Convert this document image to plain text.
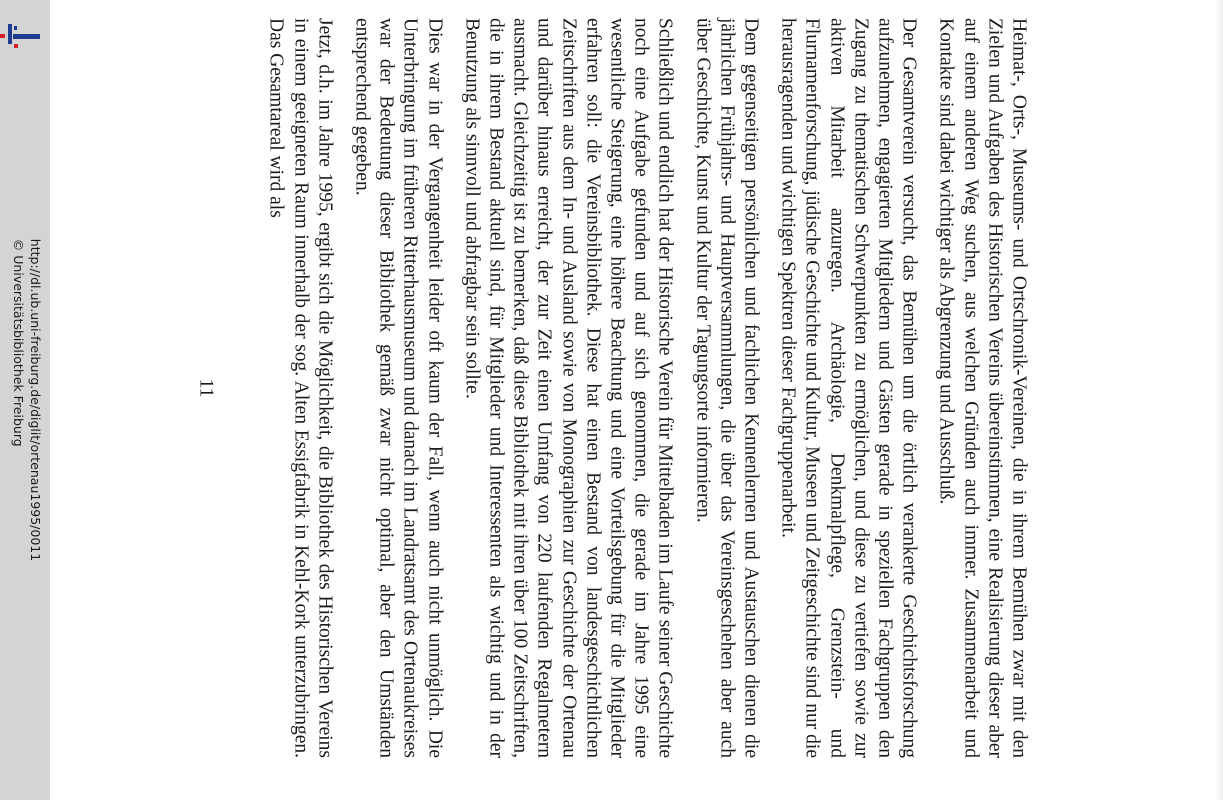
http://dl.ub.uni-freiburg.de/diglit/ortenau1995/0011
© Universitätsbibliothek Freiburg	Heimat-, Orts-, Museums- und Ortschronik-Vereinen, die in ihrem Bemühen zwar mit den Zielen und Aufgaben des Historischen Vereins übereinstimmen, eine Realisierung dieser aber auf einem anderen Weg suchen, aus welchen Gründen auch immer. Zusammenarbeit und Kontakte sind dabei wichtiger als Abgrenzung und Ausschluß.

Der Gesamtverein versucht, das Bemühen um die örtlich verankerte Geschichtsforschung aufzunehmen, engagierten Mitgliedern und Gästen gerade in speziellen Fachgruppen den Zugang zu thematischen Schwerpunkten zu ermöglichen, und diese zu vertiefen sowie zur aktiven Mitarbeit anzuregen. Archäologie, Denkmalpflege, Grenzstein- und Flurnamenforschung, jüdische Geschichte und Kultur, Museen und Zeitgeschichte sind nur die herausragenden und wichtigen Spektren dieser Fachgruppenarbeit.

Dem gegenseitigen persönlichen und fachlichen Kennenlernen und Austauschen dienen die jährlichen Frühjahrs- und Hauptversammlungen, die über das Vereinsgeschehen aber auch über Geschichte, Kunst und Kultur der Tagungsorte informieren.

Schließlich und endlich hat der Historische Verein für Mittelbaden im Laufe seiner Geschichte noch eine Aufgabe gefunden und auf sich genommen, die gerade im Jahre 1995 eine wesentliche Steigerung, eine höhere Beachtung und eine Vorteilsgebung für die Mitglieder erfahren soll: die Vereinsbibliothek. Diese hat einen Bestand von landesgeschichtlichen Zeitschriften aus dem In- und Ausland sowie von Monographien zur Geschichte der Ortenau und darüber hinaus erreicht, der zur Zeit einen Umfang von 220 laufenden Regalmetern ausmacht. Gleichzeitig ist zu bemerken, daß diese Bibliothek mit ihren über 100 Zeitschriften, die in ihrem Bestand aktuell sind, für Mitglieder und Interessenten als wichtig und in der Benutzung als sinnvoll und abfragbar sein sollte.

Dies war in der Vergangenheit leider oft kaum der Fall, wenn auch nicht unmöglich. Die Unterbringung im früheren Ritterhausmuseum und danach im Landratsamt des Ortenaukreises war der Bedeutung dieser Bibliothek gemäß zwar nicht optimal, aber den Umständen entsprechend gegeben.

Jetzt, d.h. im Jahre 1995, ergibt sich die Möglichkeit, die Bibliothek des Historischen Vereins in einem geeigneten Raum innerhalb der sog. Alten Essigfabrik in Kehl-Kork unterzubringen. Das Gesamtareal wird als

11
